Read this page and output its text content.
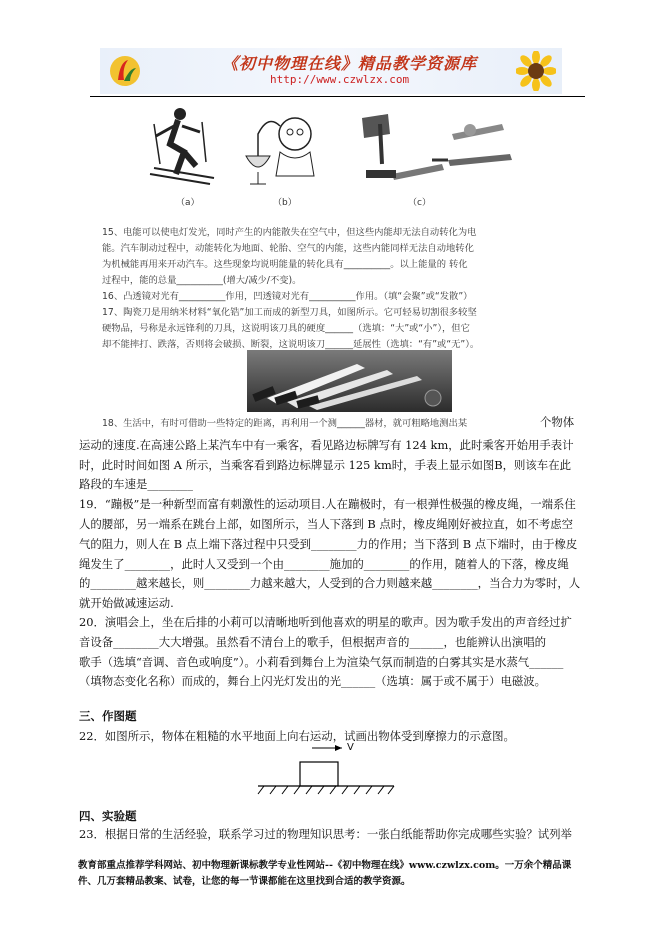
《初中物理在线》精品教学资源库
http://www.czwlzx.com
（a）	（b）	（c）
15、电能可以使电灯发光，同时产生的内能散失在空气中，但这些内能却无法自动转化为电
能。汽车制动过程中，动能转化为地面、轮胎、空气的内能，这些内能同样无法自动地转化
为机械能再用来开动汽车。这些现象均说明能量的转化具有__________。以上能量的 转化
过程中，能的总量__________(增大/减少/不变)。
16、凸透镜对光有__________作用，凹透镜对光有__________作用。（填“会聚”或“发散”）
17、陶瓷刀是用纳米材料“氧化锆”加工而成的新型刀具，如图所示。它可轻易切割很多较坚
硬物品，号称是永远锋利的刀具，这说明该刀具的硬度______（选填：“大”或“小”），但它
却不能摔打、跌落，否则将会破损、断裂，这说明该刀______延展性（选填：“有”或“无”）。
18、生活中，有时可借助一些特定的距离，再利用一个测______器材，就可粗略地测出某	个物体
运动的速度.在高速公路上某汽车中有一乘客，看见路边标牌写有 124 km，此时乘客开始用手表计
时，此时时间如图 A 所示，当乘客看到路边标牌显示 125 km时，手表上显示如图B，则该车在此
路段的车速是________
19．“蹦极”是一种新型而富有刺激性的运动项目.人在蹦极时，有一根弹性极强的橡皮绳，一端系住
人的腰部，另一端系在跳台上部，如图所示，当人下落到 B 点时，橡皮绳刚好被拉直，如不考虑空
气的阻力，则人在 B 点上端下落过程中只受到________力的作用；当下落到 B 点下端时，由于橡皮
绳发生了________，此时人又受到一个由________施加的________的作用，随着人的下落，橡皮绳
的________越来越长，则________力越来越大，人受到的合力则越来越________，当合力为零时，人
就开始做减速运动.
20．演唱会上，坐在后排的小莉可以清晰地听到他喜欢的明星的歌声。因为歌手发出的声音经过扩
音设备________大大增强。虽然看不清台上的歌手，但根据声音的______，也能辨认出演唱的
歌手（选填“音调、音色或响度”）。小莉看到舞台上为渲染气氛而制造的白雾其实是水蒸气______
（填物态变化名称）而成的，舞台上闪光灯发出的光______（选填：属于或不属于）电磁波。
三、作图题
22．如图所示，物体在粗糙的水平地面上向右运动，试画出物体受到摩擦力的示意图。
V
四、实验题
23．根据日常的生活经验，联系学习过的物理知识思考：一张白纸能帮助你完成哪些实验？试列举
教育部重点推荐学科网站、初中物理新课标教学专业性网站--《初中物理在线》www.czwlzx.com。一万余个精品课
件、几万套精品教案、试卷，让您的每一节课都能在这里找到合适的教学资源。
